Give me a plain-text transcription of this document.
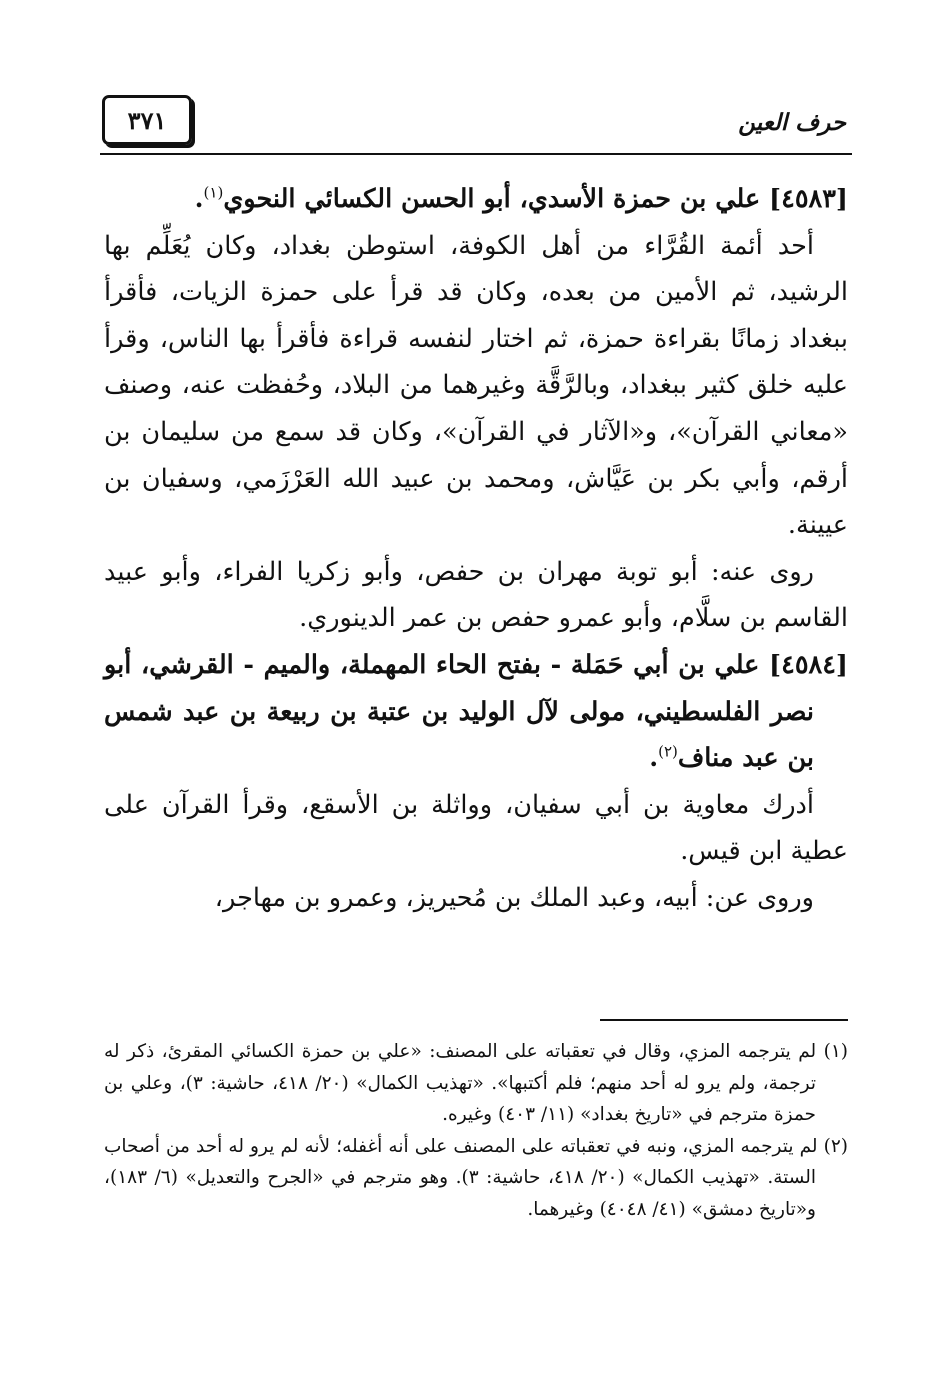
٣٧١	حرف العين

[٤٥٨٣] علي بن حمزة الأسدي، أبو الحسن الكسائي النحوي$^{(١)}$.

أحد أئمة القُرَّاء من أهل الكوفة، استوطن بغداد، وكان يُعَلِّم بها الرشيد، ثم الأمين من بعده، وكان قد قرأ على حمزة الزيات، فأقرأ ببغداد زمانًا بقراءة حمزة، ثم اختار لنفسه قراءة فأقرأ بها الناس، وقرأ عليه خلق كثير ببغداد، وبالرَّقَّة وغيرهما من البلاد، وحُفظت عنه، وصنف «معاني القرآن»، و«الآثار في القرآن»، وكان قد سمع من سليمان بن أرقم، وأبي بكر بن عَيَّاش، ومحمد بن عبيد الله العَرْزَمي، وسفيان بن عيينة.

روى عنه: أبو توبة مهران بن حفص، وأبو زكريا الفراء، وأبو عبيد القاسم بن سلَّام، وأبو عمرو حفص بن عمر الدينوري.

[٤٥٨٤] علي بن أبي حَمَلة - بفتح الحاء المهملة، والميم - القرشي، أبو نصر الفلسطيني، مولى لآل الوليد بن عتبة بن ربيعة بن عبد شمس بن عبد مناف$^{(٢)}$.

أدرك معاوية بن أبي سفيان، وواثلة بن الأسقع، وقرأ القرآن على عطية ابن قيس.

وروى عن: أبيه، وعبد الملك بن مُحيريز، وعمرو بن مهاجر،

(١) لم يترجمه المزي، وقال في تعقباته على المصنف: «علي بن حمزة الكسائي المقرئ، ذكر له ترجمة، ولم يرو له أحد منهم؛ فلم أكتبها». «تهذيب الكمال» (٢٠/ ٤١٨، حاشية: ٣)، وعلي بن حمزة مترجم في «تاريخ بغداد» (١١/ ٤٠٣) وغيره.

(٢) لم يترجمه المزي، ونبه في تعقباته على المصنف على أنه أغفله؛ لأنه لم يرو له أحد من أصحاب الستة. «تهذيب الكمال» (٢٠/ ٤١٨، حاشية: ٣). وهو مترجم في «الجرح والتعديل» (٦/ ١٨٣)، و«تاريخ دمشق» (٤١/ ٤٠٤٨) وغيرهما.
